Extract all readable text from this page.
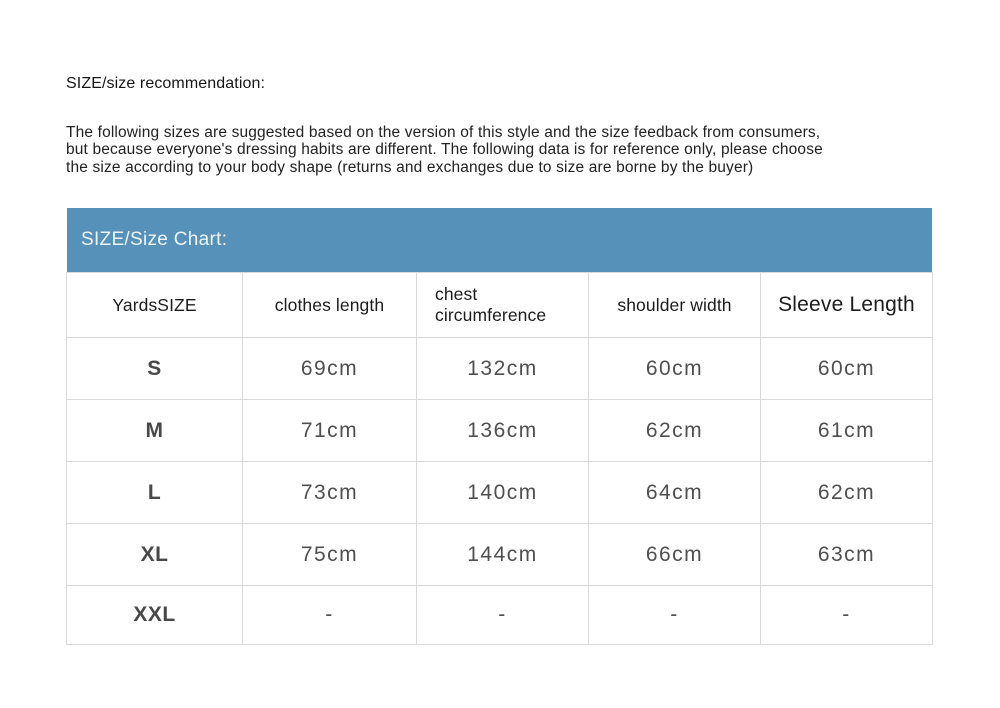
SIZE/size recommendation:
The following sizes are suggested based on the version of this style and the size feedback from consumers,
but because everyone's dressing habits are different. The following data is for reference only, please choose
the size according to your body shape (returns and exchanges due to size are borne by the buyer)
SIZE/Size Chart:
YardsSIZE	clothes length	chest circumference	shoulder width	Sleeve Length
S	69cm	132cm	60cm	60cm
M	71cm	136cm	62cm	61cm
L	73cm	140cm	64cm	62cm
XL	75cm	144cm	66cm	63cm
XXL	-	-	-	-
